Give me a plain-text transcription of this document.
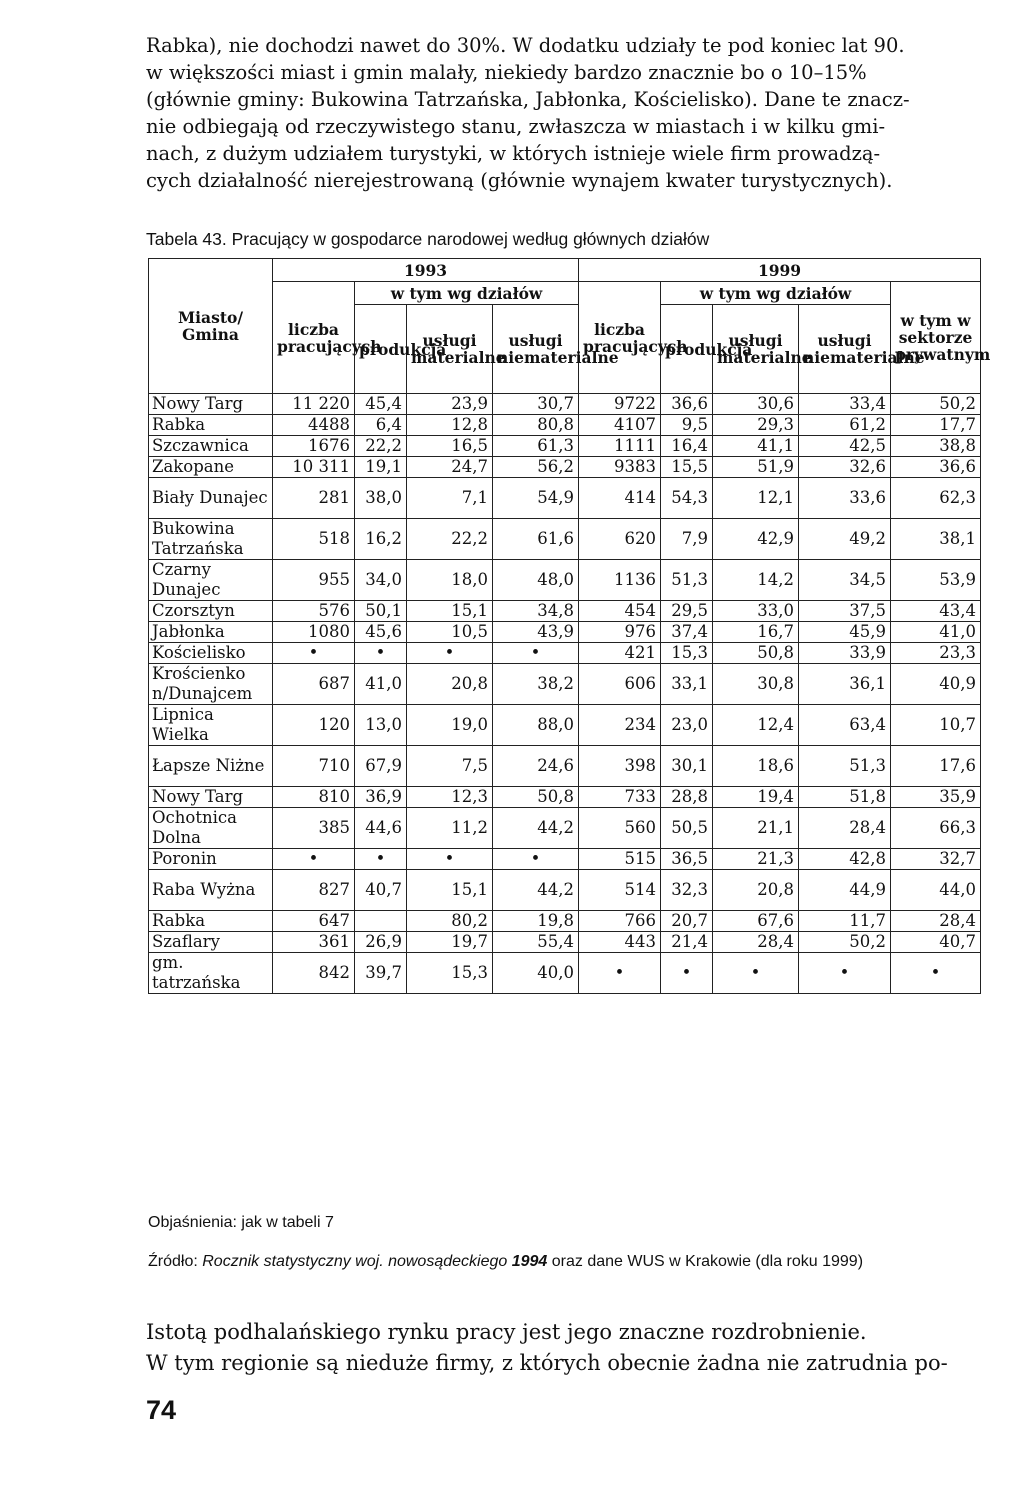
Rabka), nie dochodzi nawet do 30%. W dodatku udziały te pod koniec lat 90.
w większości miast i gmin malały, niekiedy bardzo znacznie bo o 10–15%
(głównie gminy: Bukowina Tatrzańska, Jabłonka, Kościelisko). Dane te znacz-
nie odbiegają od rzeczywistego stanu, zwłaszcza w miastach i w kilku gmi-
nach, z dużym udziałem turystyki, w których istnieje wiele firm prowadzą-
cych działalność nierejestrowaną (głównie wynajem kwater turystycznych).

Tabela 43. Pracujący w gospodarce narodowej według głównych działów

Miasto/ Gmina	1993				1999				
	liczba pracujących	w tym wg działów			liczba pracujących	w tym wg działów			w tym w sektorze prywatnym
		produkcja	usługi materialne	usługi niematerialne		produkcja	usługi materialne	usługi niematerialne	
Nowy Targ	11 220	45,4	23,9	30,7	9722	36,6	30,6	33,4	50,2
Rabka	4488	6,4	12,8	80,8	4107	9,5	29,3	61,2	17,7
Szczawnica	1676	22,2	16,5	61,3	1111	16,4	41,1	42,5	38,8
Zakopane	10 311	19,1	24,7	56,2	9383	15,5	51,9	32,6	36,6
Biały Dunajec	281	38,0	7,1	54,9	414	54,3	12,1	33,6	62,3
Bukowina Tatrzańska	518	16,2	22,2	61,6	620	7,9	42,9	49,2	38,1
Czarny Dunajec	955	34,0	18,0	48,0	1136	51,3	14,2	34,5	53,9
Czorsztyn	576	50,1	15,1	34,8	454	29,5	33,0	37,5	43,4
Jabłonka	1080	45,6	10,5	43,9	976	37,4	16,7	45,9	41,0
Kościelisko	•	•	•	•	421	15,3	50,8	33,9	23,3
Krościenko n/Dunajcem	687	41,0	20,8	38,2	606	33,1	30,8	36,1	40,9
Lipnica Wielka	120	13,0	19,0	88,0	234	23,0	12,4	63,4	10,7
Łapsze Niżne	710	67,9	7,5	24,6	398	30,1	18,6	51,3	17,6
Nowy Targ	810	36,9	12,3	50,8	733	28,8	19,4	51,8	35,9
Ochotnica Dolna	385	44,6	11,2	44,2	560	50,5	21,1	28,4	66,3
Poronin	•	•	•	•	515	36,5	21,3	42,8	32,7
Raba Wyżna	827	40,7	15,1	44,2	514	32,3	20,8	44,9	44,0
Rabka	647		80,2	19,8	766	20,7	67,6	11,7	28,4
Szaflary	361	26,9	19,7	55,4	443	21,4	28,4	50,2	40,7
gm. tatrzańska	842	39,7	15,3	40,0	•	•	•	•	•

Objaśnienia: jak w tabeli 7

Źródło: Rocznik statystyczny woj. nowosądeckiego 1994 oraz dane WUS w Krakowie (dla roku 1999)

Istotą podhalańskiego rynku pracy jest jego znaczne rozdrobnienie.
W tym regionie są nieduże firmy, z których obecnie żadna nie zatrudnia po-

74
